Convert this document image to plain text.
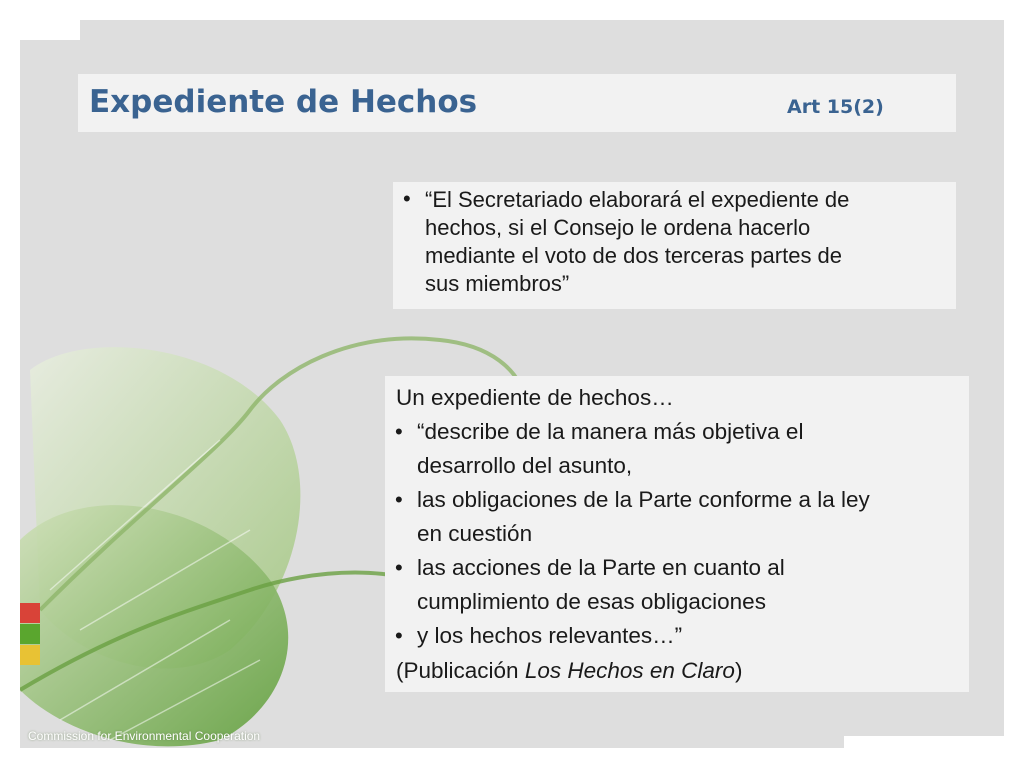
Expediente de Hechos	Art 15(2)
• “El Secretariado elaborará el expediente de
hechos, si el Consejo le ordena hacerlo
mediante el voto de dos terceras partes de
sus miembros”
Un expediente de hechos…
• “describe de la manera más objetiva el
desarrollo del asunto,
• las obligaciones de la Parte conforme a la ley
en cuestión
• las acciones de la Parte en cuanto al
cumplimiento de esas obligaciones
• y los hechos relevantes…”
(Publicación Los Hechos en Claro)
Commission for Environmental Cooperation
